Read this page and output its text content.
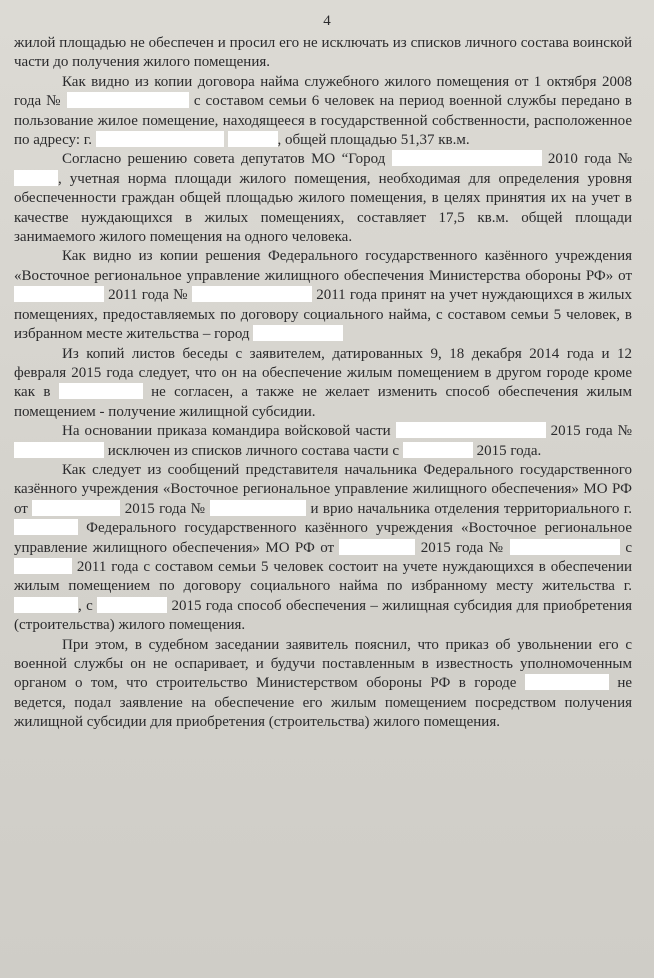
4

жилой площадью не обеспечен и просил его не исключать из списков личного состава воинской части до получения жилого помещения.

Как видно из копии договора найма служебного жилого помещения от 1 октября 2008 года №	с составом семьи 6 человек на период военной службы передано в пользование жилое помещение, находящееся в государственной собственности, расположенное по адресу: г.	, общей площадью 51,37 кв.м.

Согласно решению совета депутатов МО “Город	2010 года № , учетная норма площади жилого помещения, необходимая для определения уровня обеспеченности граждан общей площадью жилого помещения, в целях принятия их на учет в качестве нуждающихся в жилых помещениях, составляет 17,5 кв.м. общей площади занимаемого жилого помещения на одного человека.

Как видно из копии решения Федерального государственного казённого учреждения «Восточное региональное управление жилищного обеспечения Министерства обороны РФ» от  2011 года №	2011 года принят на учет нуждающихся в жилых помещениях, предоставляемых по договору социального найма, с составом семьи 5 человек, в избранном месте жительства – город

Из копий листов беседы с заявителем, датированных 9, 18 декабря 2014 года и 12 февраля 2015 года следует, что он на обеспечение жилым помещением в другом городе кроме как в	не согласен, а также не желает изменить способ обеспечения жилым помещением - получение жилищной субсидии.

На основании приказа командира войсковой части	2015 года №  исключен из списков личного состава части с	2015 года.

Как следует из сообщений представителя начальника Федерального государственного казённого учреждения «Восточное региональное управление жилищного обеспечения» МО РФ от	2015 года №	и врио начальника отделения территориального г.  Федерального государственного казённого учреждения «Восточное региональное управление жилищного обеспечения» МО РФ от	2015 года №	с  2011 года с составом семьи 5 человек состоит на учете нуждающихся в обеспечении жилым помещением по договору социального найма по избранному месту жительства г. , с	2015 года способ обеспечения – жилищная субсидия для приобретения (строительства) жилого помещения.

При этом, в судебном заседании заявитель пояснил, что приказ об увольнении его с военной службы он не оспаривает, и будучи поставленным в известность уполномоченным органом о том, что строительство Министерством обороны РФ в городе	не ведется, подал заявление на обеспечение его жилым помещением посредством получения жилищной субсидии для приобретения (строительства) жилого помещения.
